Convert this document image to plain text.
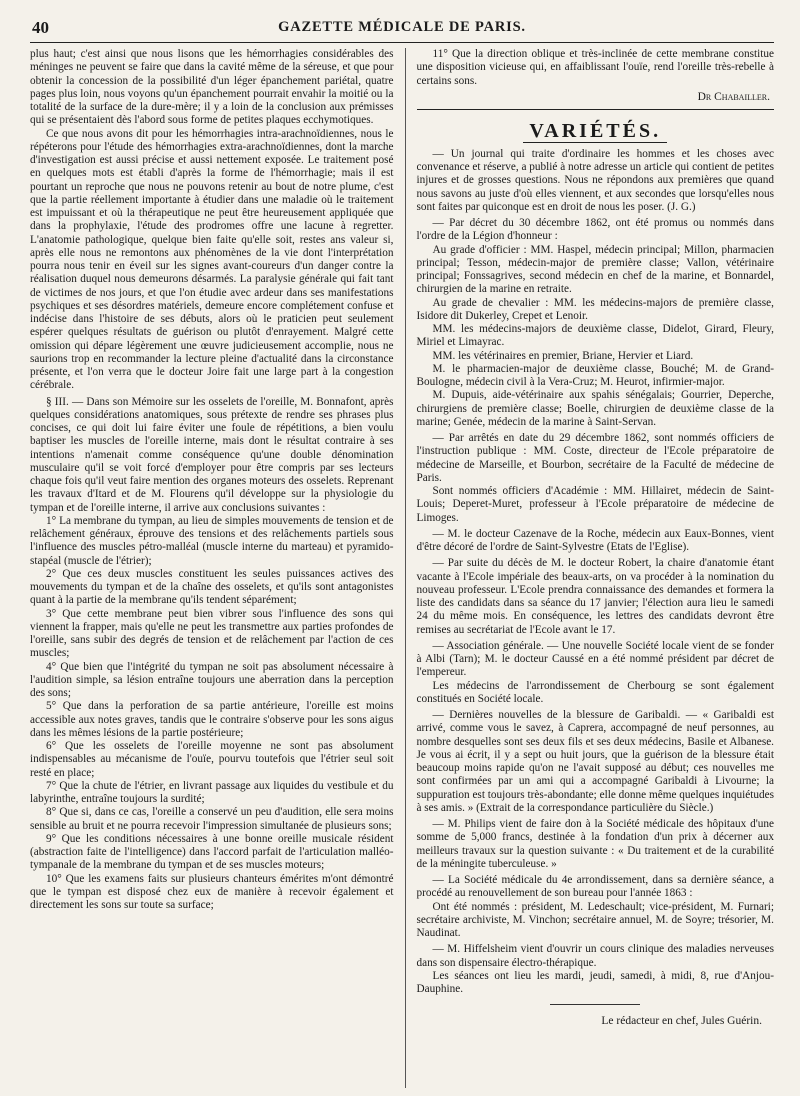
40	GAZETTE MÉDICALE DE PARIS.

plus haut; c'est ainsi que nous lisons que les hémorrhagies considérables des méninges ne peuvent se faire que dans la cavité même de la séreuse, et que pour obtenir la concession de la possibilité d'un léger épanchement pariétal, quatre pages plus loin, nous voyons qu'un épanchement pourrait envahir la moitié ou la totalité de la surface de la dure-mère; il y a loin de la conclusion aux prémisses qui se présentaient dès l'abord sous forme de petites plaques ecchymotiques.

Ce que nous avons dit pour les hémorrhagies intra-arachnoïdiennes, nous le répéterons pour l'étude des hémorrhagies extra-arachnoïdiennes, dont la marche d'investigation est aussi précise et aussi nettement exposée. Le traitement posé en quelques mots est établi d'après la forme de l'hémorrhagie; mais il est pourtant un reproche que nous ne pouvons retenir au bout de notre plume, c'est que la partie réellement importante à étudier dans une maladie où le traitement est impuissant et où la thérapeutique ne peut être heureusement appliquée que dans la prophylaxie, l'étude des prodromes offre une lacune à regretter. L'anatomie pathologique, quelque bien faite qu'elle soit, restes ans valeur si, après elle nous ne remontons aux phénomènes de la vie dont l'interprétation pourra nous tenir en éveil sur les signes avant-coureurs d'un danger contre la réalisation duquel nous demeurons désarmés. La paralysie générale qui fait tant de victimes de nos jours, et que l'on étudie avec ardeur dans ses manifestations psychiques et ses désordres matériels, demeure encore complétement confuse et indécise dans l'histoire de ses débuts, alors où le praticien peut seulement espérer quelques résultats de guérison ou plutôt d'enrayement. Malgré cette omission qui dépare légèrement une œuvre judicieusement accomplie, nous ne saurions trop en recommander la lecture pleine d'actualité dans la circonstance présente, et l'on verra que le docteur Joire fait une large part à la congestion cérébrale.

§ III. — Dans son Mémoire sur les osselets de l'oreille, M. Bonnafont, après quelques considérations anatomiques, sous prétexte de rendre ses phrases plus concises, ce qui doit lui faire éviter une foule de répétitions, a bien voulu baptiser les muscles de l'oreille interne, mais dont le résultat contraire à ses intentions n'amenait comme conséquence qu'une double dénomination musculaire qu'il se voit forcé d'employer pour être compris par ses lecteurs chaque fois qu'il veut faire mention des organes moteurs des osselets. Reprenant les travaux d'Itard et de M. Flourens qu'il développe sur la physiologie du tympan et de l'oreille interne, il arrive aux conclusions suivantes :

1° La membrane du tympan, au lieu de simples mouvements de tension et de relâchement généraux, éprouve des tensions et des relâchements partiels sous l'influence des muscles pétro-malléal (muscle interne du marteau) et pyramido-stapéal (muscle de l'étrier);

2° Que ces deux muscles constituent les seules puissances actives des mouvements du tympan et de la chaîne des osselets, et qu'ils sont antagonistes quant à la partie de la membrane qu'ils tendent séparément;

3° Que cette membrane peut bien vibrer sous l'influence des sons qui viennent la frapper, mais qu'elle ne peut les transmettre aux parties profondes de l'oreille, sans subir des degrés de tension et de relâchement par l'action de ces muscles;

4° Que bien que l'intégrité du tympan ne soit pas absolument nécessaire à l'audition simple, sa lésion entraîne toujours une aberration dans la perception des sons;

5° Que dans la perforation de sa partie antérieure, l'oreille est moins accessible aux notes graves, tandis que le contraire s'observe pour les sons aigus dans les mêmes lésions de la partie postérieure;

6° Que les osselets de l'oreille moyenne ne sont pas absolument indispensables au mécanisme de l'ouïe, pourvu toutefois que l'étrier seul soit resté en place;

7° Que la chute de l'étrier, en livrant passage aux liquides du vestibule et du labyrinthe, entraîne toujours la surdité;

8° Que si, dans ce cas, l'oreille a conservé un peu d'audition, elle sera moins sensible au bruit et ne pourra recevoir l'impression simultanée de plusieurs sons;

9° Que les conditions nécessaires à une bonne oreille musicale résident (abstraction faite de l'intelligence) dans l'accord parfait de l'articulation malléo-tympanale de la membrane du tympan et de ses muscles moteurs;

10° Que les examens faits sur plusieurs chanteurs émérites m'ont démontré que le tympan est disposé chez eux de manière à recevoir également et directement les sons sur toute sa surface;

11° Que la direction oblique et très-inclinée de cette membrane constitue une disposition vicieuse qui, en affaiblissant l'ouïe, rend l'oreille très-rebelle à certains sons.

Dr Chabailler.
VARIÉTÉS.

— Un journal qui traite d'ordinaire les hommes et les choses avec convenance et réserve, a publié à notre adresse un article qui contient de petites injures et de grosses questions. Nous ne répondons aux premières que quand nous savons au juste d'où elles viennent, et aux secondes que lorsqu'elles nous sont faites par quiconque est en droit de nous les poser. (J. G.)

— Par décret du 30 décembre 1862, ont été promus ou nommés dans l'ordre de la Légion d'honneur :

Au grade d'officier : MM. Haspel, médecin principal; Millon, pharmacien principal; Tesson, médecin-major de première classe; Vallon, vétérinaire principal; Fonssagrives, second médecin en chef de la marine, et Bonnardel, chirurgien de la marine en retraite.

Au grade de chevalier : MM. les médecins-majors de première classe, Isidore dit Dukerley, Crepet et Lenoir.

MM. les médecins-majors de deuxième classe, Didelot, Girard, Fleury, Miriel et Limayrac.

MM. les vétérinaires en premier, Briane, Hervier et Liard.

M. le pharmacien-major de deuxième classe, Bouché; M. de Grand-Boulogne, médecin civil à la Vera-Cruz; M. Heurot, infirmier-major.

M. Dupuis, aide-vétérinaire aux spahis sénégalais; Gourrier, Deperche, chirurgiens de première classe; Boelle, chirurgien de deuxième classe de la marine; Genée, médecin de la marine à Saint-Servan.

— Par arrêtés en date du 29 décembre 1862, sont nommés officiers de l'instruction publique : MM. Coste, directeur de l'Ecole préparatoire de médecine de Marseille, et Bourbon, secrétaire de la Faculté de médecine de Paris.

Sont nommés officiers d'Académie : MM. Hillairet, médecin de Saint-Louis; Deperet-Muret, professeur à l'Ecole préparatoire de médecine de Limoges.

— M. le docteur Cazenave de la Roche, médecin aux Eaux-Bonnes, vient d'être décoré de l'ordre de Saint-Sylvestre (Etats de l'Eglise).

— Par suite du décès de M. le docteur Robert, la chaire d'anatomie étant vacante à l'Ecole impériale des beaux-arts, on va procéder à la nomination du nouveau professeur. L'Ecole prendra connaissance des demandes et formera la liste des candidats dans sa séance du 17 janvier; l'élection aura lieu le samedi 24 du même mois. En conséquence, les lettres des candidats devront être remises au secrétariat de l'Ecole avant le 17.

— Association générale. — Une nouvelle Société locale vient de se fonder à Albi (Tarn); M. le docteur Caussé en a été nommé président par décret de l'empereur.

Les médecins de l'arrondissement de Cherbourg se sont également constitués en Société locale.

— Dernières nouvelles de la blessure de Garibaldi. — « Garibaldi est arrivé, comme vous le savez, à Caprera, accompagné de neuf personnes, au nombre desquelles sont ses deux fils et ses deux médecins, Basile et Albanese. Je vous ai écrit, il y a sept ou huit jours, que la guérison de la blessure était beaucoup moins rapide qu'on ne l'avait supposé au début; ces nouvelles me sont confirmées par un ami qui a accompagné Garibaldi à Livourne; la suppuration est toujours très-abondante; elle donne même quelques inquiétudes à ses amis. » (Extrait de la correspondance particulière du Siècle.)

— M. Philips vient de faire don à la Société médicale des hôpitaux d'une somme de 5,000 francs, destinée à la fondation d'un prix à décerner aux meilleurs travaux sur la question suivante : « Du traitement et de la curabilité de la méningite tuberculeuse. »

— La Société médicale du 4e arrondissement, dans sa dernière séance, a procédé au renouvellement de son bureau pour l'année 1863 :

Ont été nommés : président, M. Ledeschault; vice-président, M. Furnari; secrétaire archiviste, M. Vinchon; secrétaire annuel, M. de Soyre; trésorier, M. Naudinat.

— M. Hiffelsheim vient d'ouvrir un cours clinique des maladies nerveuses dans son dispensaire électro-thérapique.

Les séances ont lieu les mardi, jeudi, samedi, à midi, 8, rue d'Anjou-Dauphine.

Le rédacteur en chef, Jules Guérin.
